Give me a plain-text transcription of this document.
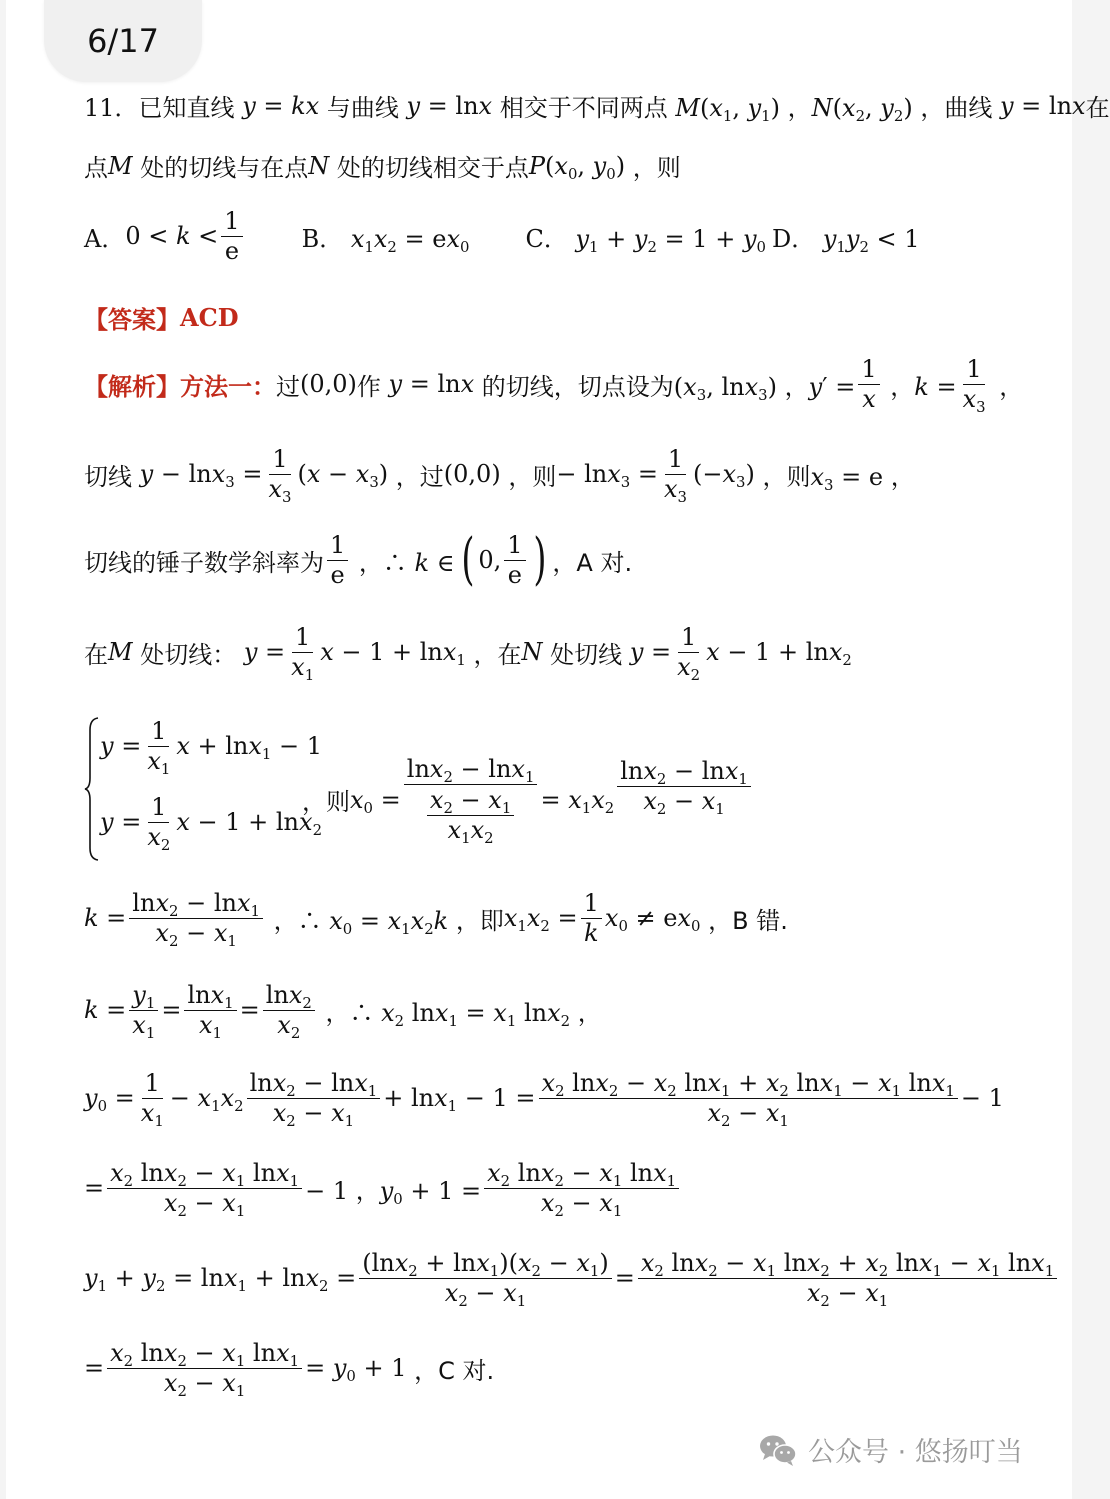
6/17
11． 已知直线 y = kx 与曲线 y = lnx 相交于不同两点 $M(x_1$, $y_1$) ，$N(x_2$, $y_2$) ，曲线 y = lnx 在
点 M 处的切线与在点 N 处的切线相交于点 $P(x_0$, $y_0$) ，则
A． $0 < k < \frac{1}{e}$ B． $x_1x_2 = ex_0$ C． $y_1 + y_2 = 1 + y_0$ D． $y_1y_2 < 1$
【答案】 ACD
【解析】方法一： 过 (0,0) 作 y = lnx 的切线，切点设为 ($x_3$, lnx$_3$) ，$y' = \frac{1}{x}$ ，$k = \frac{1}{x_3}$ ，
切线 $y - \ln x_3 = \frac{1}{x_3} (x - x_3)$ ，过 (0,0) ，则 − $\ln x_3 = \frac{1}{x_3} (-x_3)$ ，则 $x_3 = e$ ，
切线的锤子数学斜率为 $\frac{1}{e}$ ，∴ k ∈ ( 0, $\frac{1}{e}$ ) ，A 对.
在 M 处切线： $y = \frac{1}{x_1}$ x − 1 + lnx$_1$ ，在 N 处切线 $y = \frac{1}{x_2}$ x − 1 + lnx$_2$
$y = \frac{1}{x_1}$ x + lnx$_1$ − 1
$y = \frac{1}{x_2}$ x − 1 + lnx$_2$
，则 $x_0 = \frac{\ln x_2 - \ln x_1}{\frac{x_2 - x_1}{x_1x_2}} = x_1x_2 \frac{\ln x_2 - \ln x_1}{x_2 - x_1}$
$k = \frac{\ln x_2 - \ln x_1}{x_2 - x_1}$ ，∴ $x_0 = x_1x_2k$ ，即 $x_1x_2 = \frac{1}{k} x_0 \ne ex_0$ ，B 错.
$k = \frac{y_1}{x_1} = \frac{\ln x_1}{x_1} = \frac{\ln x_2}{x_2}$ ，∴ $x_2$ $\ln x_1 = x_1$ lnx$_2$ ，
$y_0 = \frac{1}{x_1} - x_1x_2 \frac{\ln x_2 - \ln x_1}{x_2 - x_1} + \ln x_1 - 1 = \frac{x_2 \ln x_2 - x_2 \ln x_1 + x_2 \ln x_1 - x_1 \ln x_1}{x_2 - x_1} - 1$
= $\frac{x_2 \ln x_2 - x_1 \ln x_1}{x_2 - x_1} - 1$ ，$y_0 + 1 = \frac{x_2 \ln x_2 - x_1 \ln x_1}{x_2 - x_1}$
$y_1 + y_2 = \ln x_1 + \ln x_2 = \frac{(\ln x_2 + \ln x_1)(x_2 - x_1)}{x_2 - x_1} = \frac{x_2 \ln x_2 - x_1 \ln x_2 + x_2 \ln x_1 - x_1 \ln x_1}{x_2 - x_1}$
= $\frac{x_2 \ln x_2 - x_1 \ln x_1}{x_2 - x_1} = y_0 + 1$ ，C 对.
公众号 · 悠扬叮当
